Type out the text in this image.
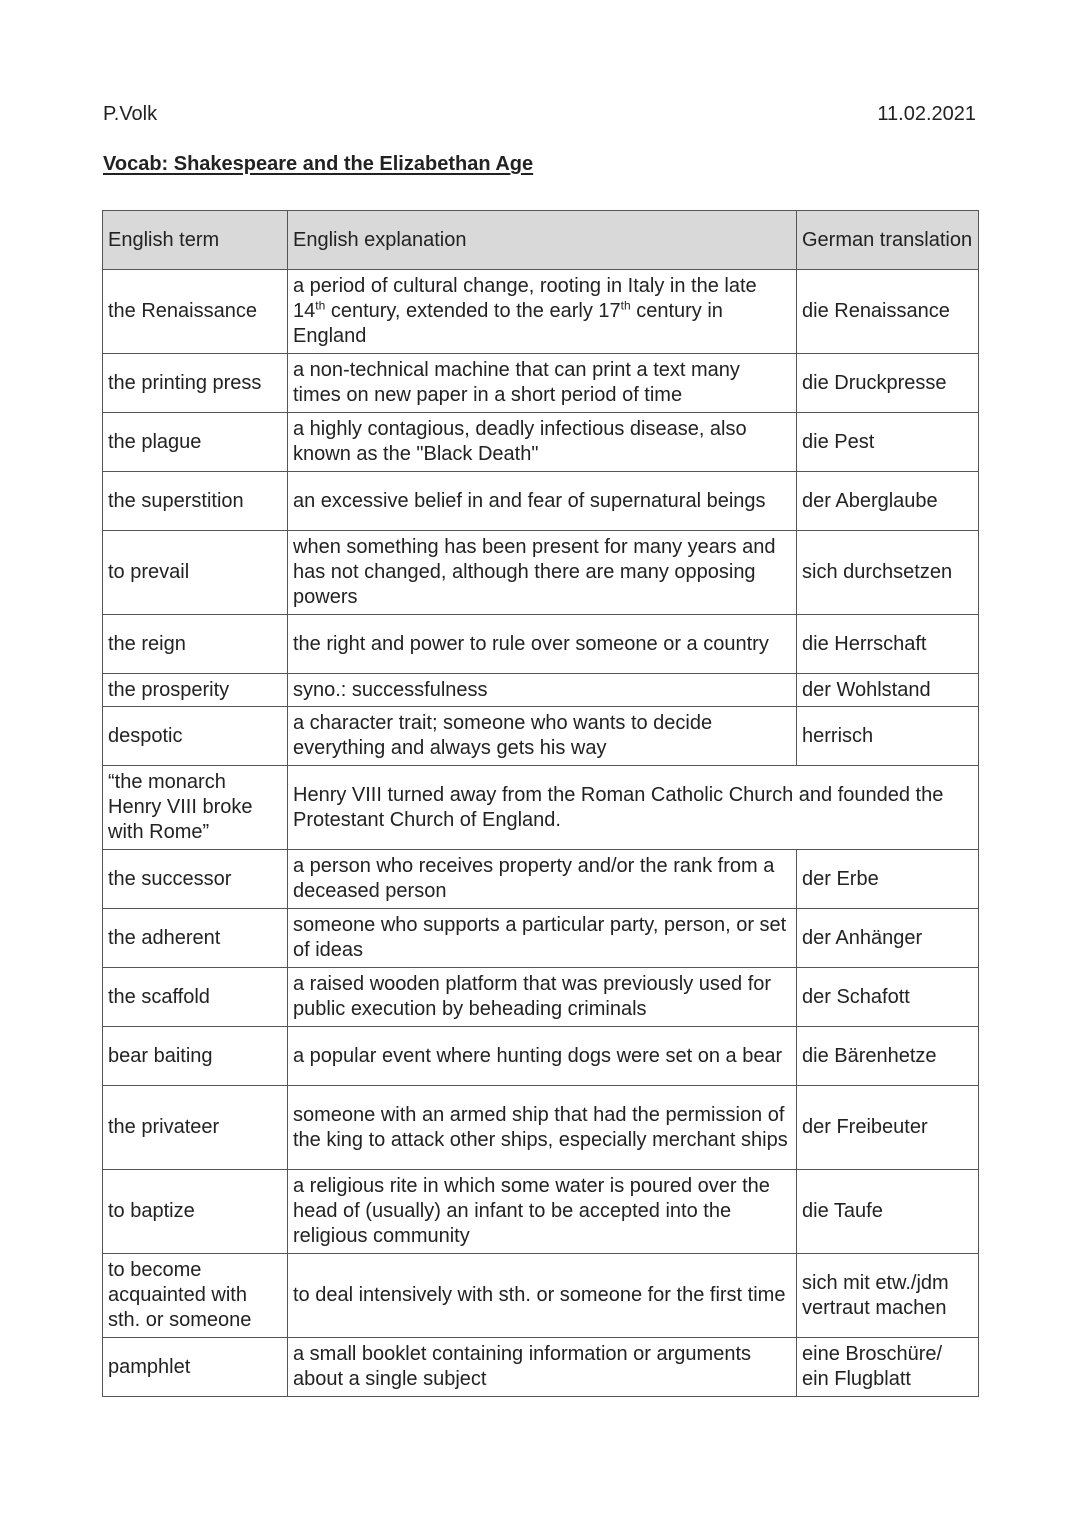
P.Volk	11.02.2021
Vocab: Shakespeare and the Elizabethan Age
English term	English explanation	German translation
the Renaissance	a period of cultural change, rooting in Italy in the late 14th century, extended to the early 17th century in England	die Renaissance
the printing press	a non-technical machine that can print a text many times on new paper in a short period of time	die Druckpresse
the plague	a highly contagious, deadly infectious disease, also known as the "Black Death"	die Pest
the superstition	an excessive belief in and fear of supernatural beings	der Aberglaube
to prevail	when something has been present for many years and has not changed, although there are many opposing powers	sich durchsetzen
the reign	the right and power to rule over someone or a country	die Herrschaft
the prosperity	syno.: successfulness	der Wohlstand
despotic	a character trait; someone who wants to decide everything and always gets his way	herrisch
“the monarch Henry VIII broke with Rome”	Henry VIII turned away from the Roman Catholic Church and founded the Protestant Church of England.	
the successor	a person who receives property and/or the rank from a deceased person	der Erbe
the adherent	someone who supports a particular party, person, or set of ideas	der Anhänger
the scaffold	a raised wooden platform that was previously used for public execution by beheading criminals	der Schafott
bear baiting	a popular event where hunting dogs were set on a bear	die Bärenhetze
the privateer	someone with an armed ship that had the permission of the king to attack other ships, especially merchant ships	der Freibeuter
to baptize	a religious rite in which some water is poured over the head of (usually) an infant to be accepted into the religious community	die Taufe
to become acquainted with sth. or someone	to deal intensively with sth. or someone for the first time	sich mit etw./jdm vertraut machen
pamphlet	a small booklet containing information or arguments about a single subject	eine Broschüre/ ein Flugblatt
